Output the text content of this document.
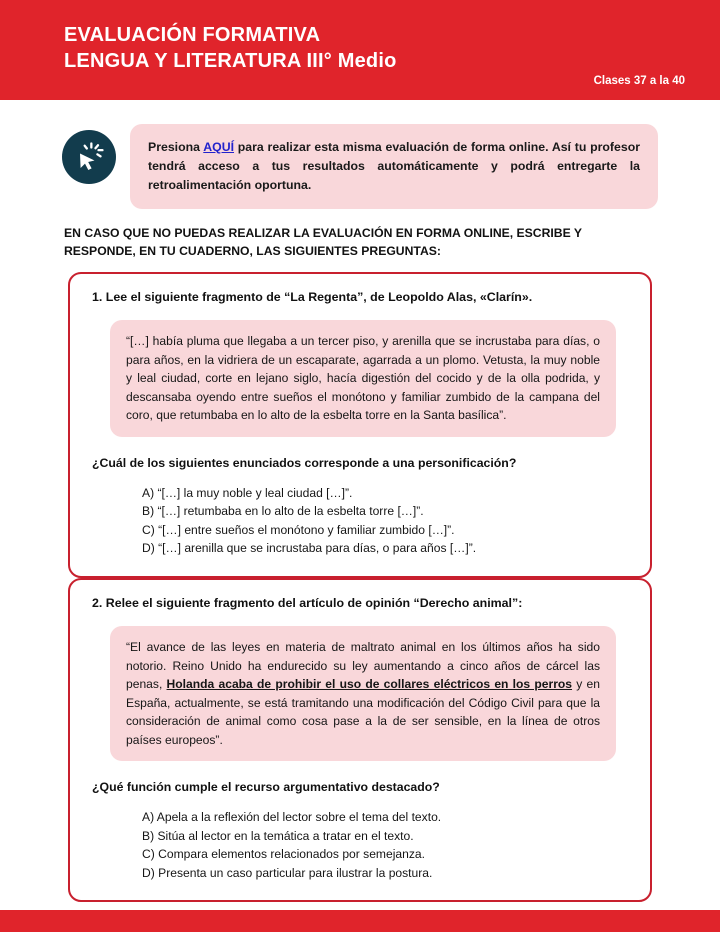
EVALUACIÓN FORMATIVA
LENGUA Y LITERATURA III° Medio
Clases 37 a la 40

Presiona AQUÍ para realizar esta misma evaluación de forma online. Así tu profesor tendrá acceso a tus resultados automáticamente y podrá entregarte la retroalimentación oportuna.

EN CASO QUE NO PUEDAS REALIZAR LA EVALUACIÓN EN FORMA ONLINE, ESCRIBE Y RESPONDE, EN TU CUADERNO, LAS SIGUIENTES PREGUNTAS:

1. Lee el siguiente fragmento de “La Regenta”, de Leopoldo Alas, «Clarín».

“[…] había pluma que llegaba a un tercer piso, y arenilla que se incrustaba para días, o para años, en la vidriera de un escaparate, agarrada a un plomo. Vetusta, la muy noble y leal ciudad, corte en lejano siglo, hacía digestión del cocido y de la olla podrida, y descansaba oyendo entre sueños el monótono y familiar zumbido de la campana del coro, que retumbaba en lo alto de la esbelta torre en la Santa basílica”.

¿Cuál de los siguientes enunciados corresponde a una personificación?

A) “[…] la muy noble y leal ciudad […]”.
B) “[…] retumbaba en lo alto de la esbelta torre […]”.
C) “[…] entre sueños el monótono y familiar zumbido […]”.
D) “[…] arenilla que se incrustaba para días, o para años […]”.

2. Relee el siguiente fragmento del artículo de opinión “Derecho animal”:

“El avance de las leyes en materia de maltrato animal en los últimos años ha sido notorio. Reino Unido ha endurecido su ley aumentando a cinco años de cárcel las penas, Holanda acaba de prohibir el uso de collares eléctricos en los perros y en España, actualmente, se está tramitando una modificación del Código Civil para que la consideración de animal como cosa pase a la de ser sensible, en la línea de otros países europeos”.

¿Qué función cumple el recurso argumentativo destacado?

A) Apela a la reflexión del lector sobre el tema del texto.
B) Sitúa al lector en la temática a tratar en el texto.
C) Compara elementos relacionados por semejanza.
D) Presenta un caso particular para ilustrar la postura.
